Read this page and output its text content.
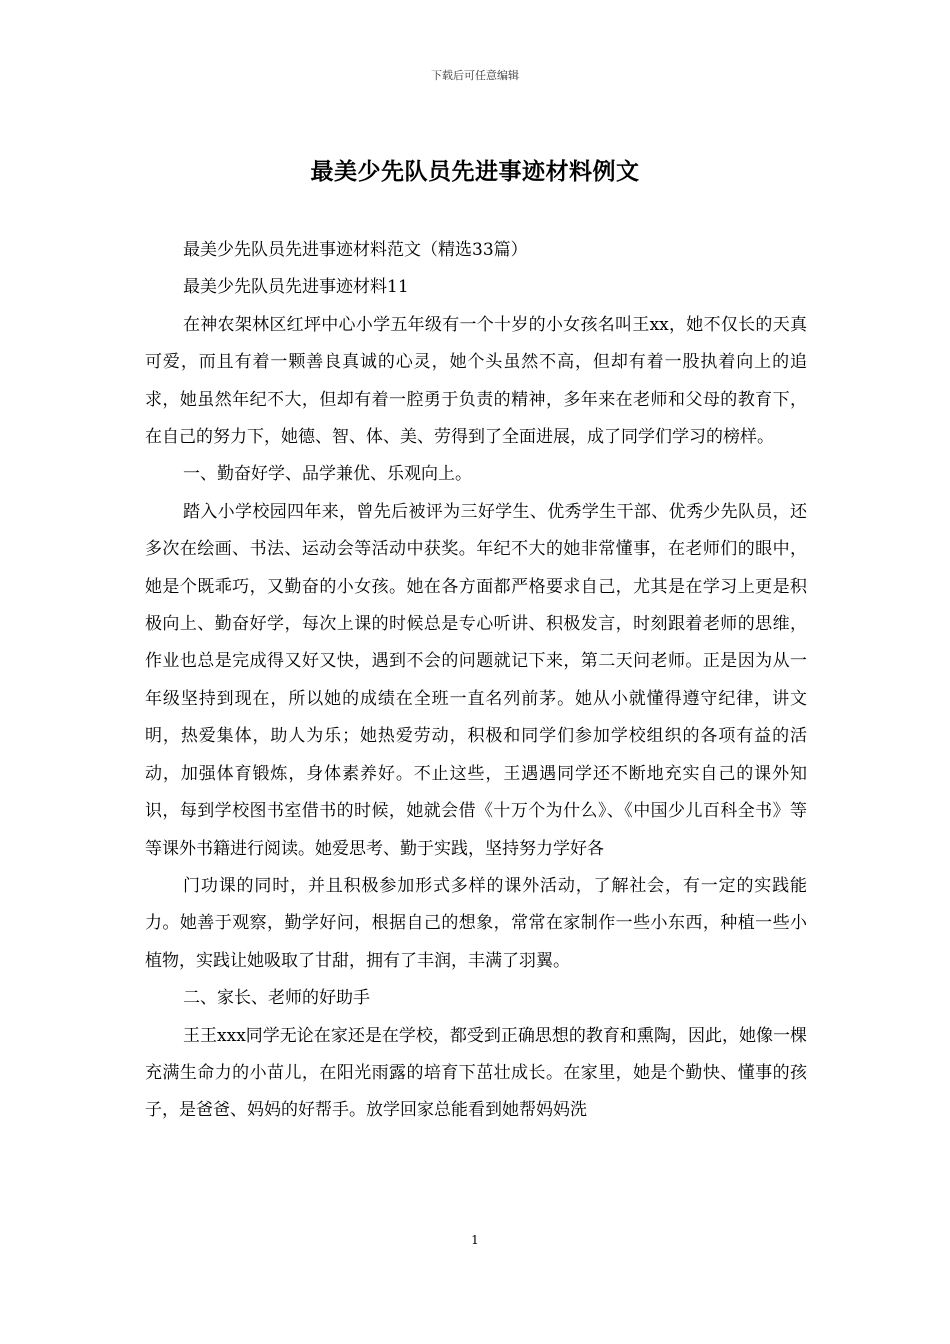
下载后可任意编辑
最美少先队员先进事迹材料例文

最美少先队员先进事迹材料范文（精选33篇）

最美少先队员先进事迹材料11

在神农架林区红坪中心小学五年级有一个十岁的小女孩名叫王xx，她不仅长的天真可爱，而且有着一颗善良真诚的心灵，她个头虽然不高，但却有着一股执着向上的追求，她虽然年纪不大，但却有着一腔勇于负责的精神，多年来在老师和父母的教育下，在自己的努力下，她德、智、体、美、劳得到了全面进展，成了同学们学习的榜样。

一、勤奋好学、品学兼优、乐观向上。

踏入小学校园四年来，曾先后被评为三好学生、优秀学生干部、优秀少先队员，还多次在绘画、书法、运动会等活动中获奖。年纪不大的她非常懂事，在老师们的眼中，她是个既乖巧，又勤奋的小女孩。她在各方面都严格要求自己，尤其是在学习上更是积极向上、勤奋好学，每次上课的时候总是专心听讲、积极发言，时刻跟着老师的思维，作业也总是完成得又好又快，遇到不会的问题就记下来，第二天问老师。正是因为从一年级坚持到现在，所以她的成绩在全班一直名列前茅。她从小就懂得遵守纪律，讲文明，热爱集体，助人为乐；她热爱劳动，积极和同学们参加学校组织的各项有益的活动，加强体育锻炼，身体素养好。不止这些，王遇遇同学还不断地充实自己的课外知识，每到学校图书室借书的时候，她就会借《十万个为什么》、《中国少儿百科全书》等等课外书籍进行阅读。她爱思考、勤于实践，坚持努力学好各

门功课的同时，并且积极参加形式多样的课外活动，了解社会，有一定的实践能力。她善于观察，勤学好问，根据自己的想象，常常在家制作一些小东西，种植一些小植物，实践让她吸取了甘甜，拥有了丰润，丰满了羽翼。

二、家长、老师的好助手

王王xxx同学无论在家还是在学校，都受到正确思想的教育和熏陶，因此，她像一棵充满生命力的小苗儿，在阳光雨露的培育下茁壮成长。在家里，她是个勤快、懂事的孩子，是爸爸、妈妈的好帮手。放学回家总能看到她帮妈妈洗

1
